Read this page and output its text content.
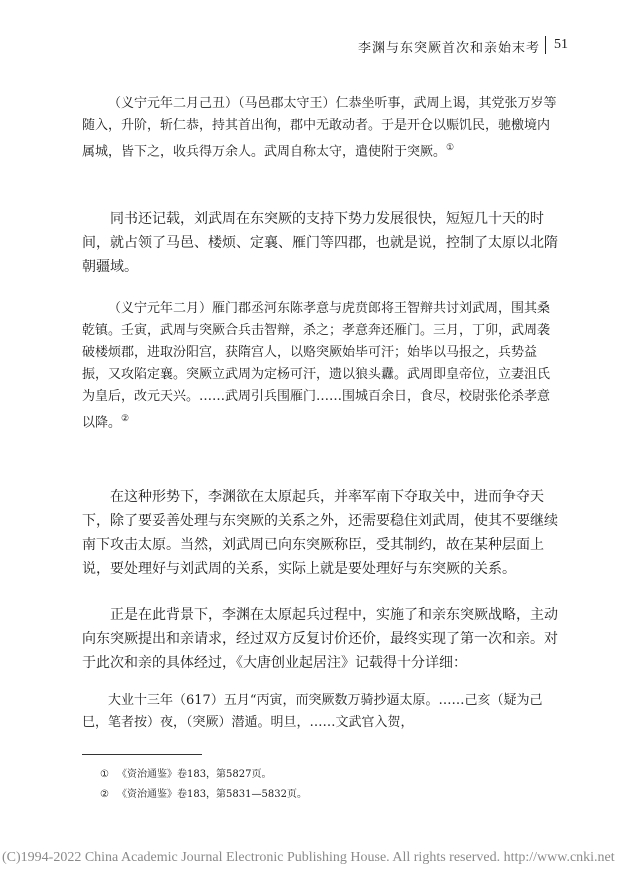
李渊与东突厥首次和亲始末考 51

（义宁元年二月己丑）（马邑郡太守王）仁恭坐听事，武周上谒，其党张万岁等随入，升阶，斩仁恭，持其首出徇，郡中无敢动者。于是开仓以赈饥民，驰檄境内属城，皆下之，收兵得万余人。武周自称太守，遣使附于突厥。①

同书还记载，刘武周在东突厥的支持下势力发展很快，短短几十天的时间，就占领了马邑、楼烦、定襄、雁门等四郡，也就是说，控制了太原以北隋朝疆域。

（义宁元年二月）雁门郡丞河东陈孝意与虎贲郎将王智辩共讨刘武周，围其桑乾镇。壬寅，武周与突厥合兵击智辩，杀之；孝意奔还雁门。三月，丁卯，武周袭破楼烦郡，进取汾阳宫，获隋宫人，以赂突厥始毕可汗；始毕以马报之，兵势益振，又攻陷定襄。突厥立武周为定杨可汗，遗以狼头纛。武周即皇帝位，立妻沮氏为皇后，改元天兴。……武周引兵围雁门……围城百余日，食尽，校尉张伦杀孝意以降。②

在这种形势下，李渊欲在太原起兵，并率军南下夺取关中，进而争夺天下，除了要妥善处理与东突厥的关系之外，还需要稳住刘武周，使其不要继续南下攻击太原。当然，刘武周已向东突厥称臣，受其制约，故在某种层面上说，要处理好与刘武周的关系，实际上就是要处理好与东突厥的关系。

正是在此背景下，李渊在太原起兵过程中，实施了和亲东突厥战略，主动向东突厥提出和亲请求，经过双方反复讨价还价，最终实现了第一次和亲。对于此次和亲的具体经过，《大唐创业起居注》记载得十分详细：

大业十三年（617）五月“丙寅，而突厥数万骑抄逼太原。……己亥（疑为己巳，笔者按）夜，（突厥）潜遁。明旦，……文武官入贺，

① 《资治通鉴》卷183，第5827页。
② 《资治通鉴》卷183，第5831—5832页。
(C)1994-2022 China Academic Journal Electronic Publishing House. All rights reserved. http://www.cnki.net
